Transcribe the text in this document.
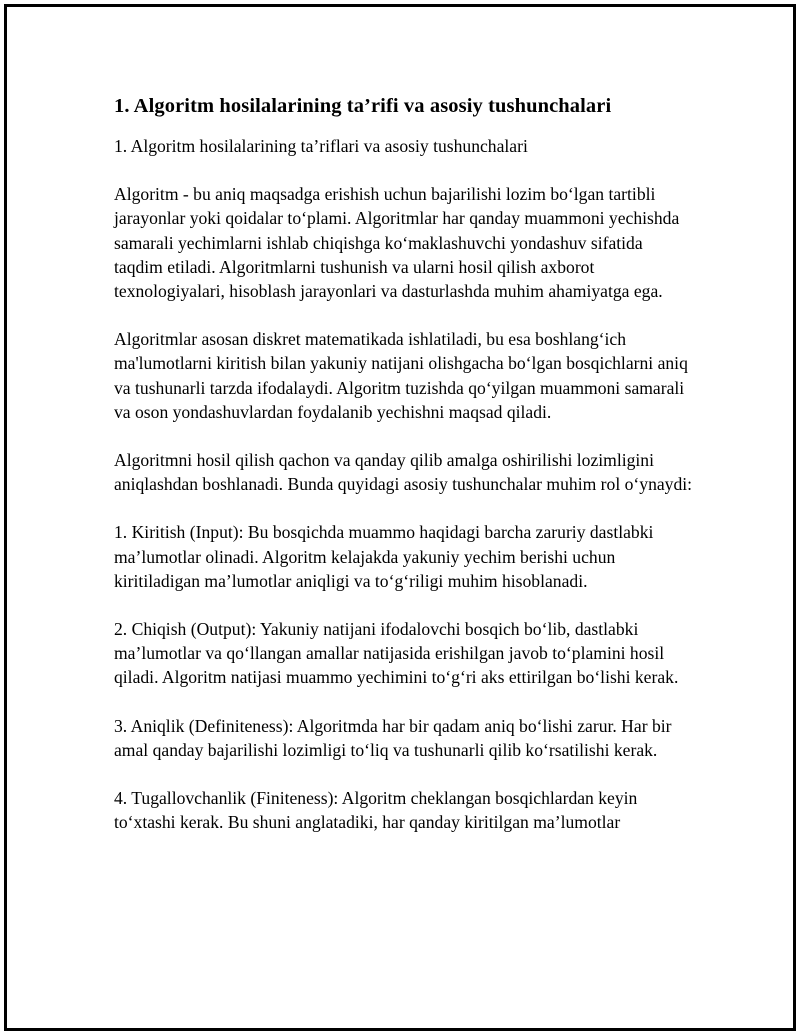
1. Algoritm hosilalarining ta’rifi va asosiy tushunchalari

1. Algoritm hosilalarining ta’riflari va asosiy tushunchalari

Algoritm - bu aniq maqsadga erishish uchun bajarilishi lozim bo‘lgan tartibli jarayonlar yoki qoidalar to‘plami. Algoritmlar har qanday muammoni yechishda samarali yechimlarni ishlab chiqishga ko‘maklashuvchi yondashuv sifatida taqdim etiladi. Algoritmlarni tushunish va ularni hosil qilish axborot texnologiyalari, hisoblash jarayonlari va dasturlashda muhim ahamiyatga ega.

Algoritmlar asosan diskret matematikada ishlatiladi, bu esa boshlang‘ich ma'lumotlarni kiritish bilan yakuniy natijani olishgacha bo‘lgan bosqichlarni aniq va tushunarli tarzda ifodalaydi. Algoritm tuzishda qo‘yilgan muammoni samarali va oson yondashuvlardan foydalanib yechishni maqsad qiladi.

Algoritmni hosil qilish qachon va qanday qilib amalga oshirilishi lozimligini aniqlashdan boshlanadi. Bunda quyidagi asosiy tushunchalar muhim rol o‘ynaydi:

1. Kiritish (Input): Bu bosqichda muammo haqidagi barcha zaruriy dastlabki ma’lumotlar olinadi. Algoritm kelajakda yakuniy yechim berishi uchun kiritiladigan ma’lumotlar aniqligi va to‘g‘riligi muhim hisoblanadi.

2. Chiqish (Output): Yakuniy natijani ifodalovchi bosqich bo‘lib, dastlabki ma’lumotlar va qo‘llangan amallar natijasida erishilgan javob to‘plamini hosil qiladi. Algoritm natijasi muammo yechimini to‘g‘ri aks ettirilgan bo‘lishi kerak.

3. Aniqlik (Definiteness): Algoritmda har bir qadam aniq bo‘lishi zarur. Har bir amal qanday bajarilishi lozimligi to‘liq va tushunarli qilib ko‘rsatilishi kerak.

4. Tugallovchanlik (Finiteness): Algoritm cheklangan bosqichlardan keyin to‘xtashi kerak. Bu shuni anglatadiki, har qanday kiritilgan ma’lumotlar
